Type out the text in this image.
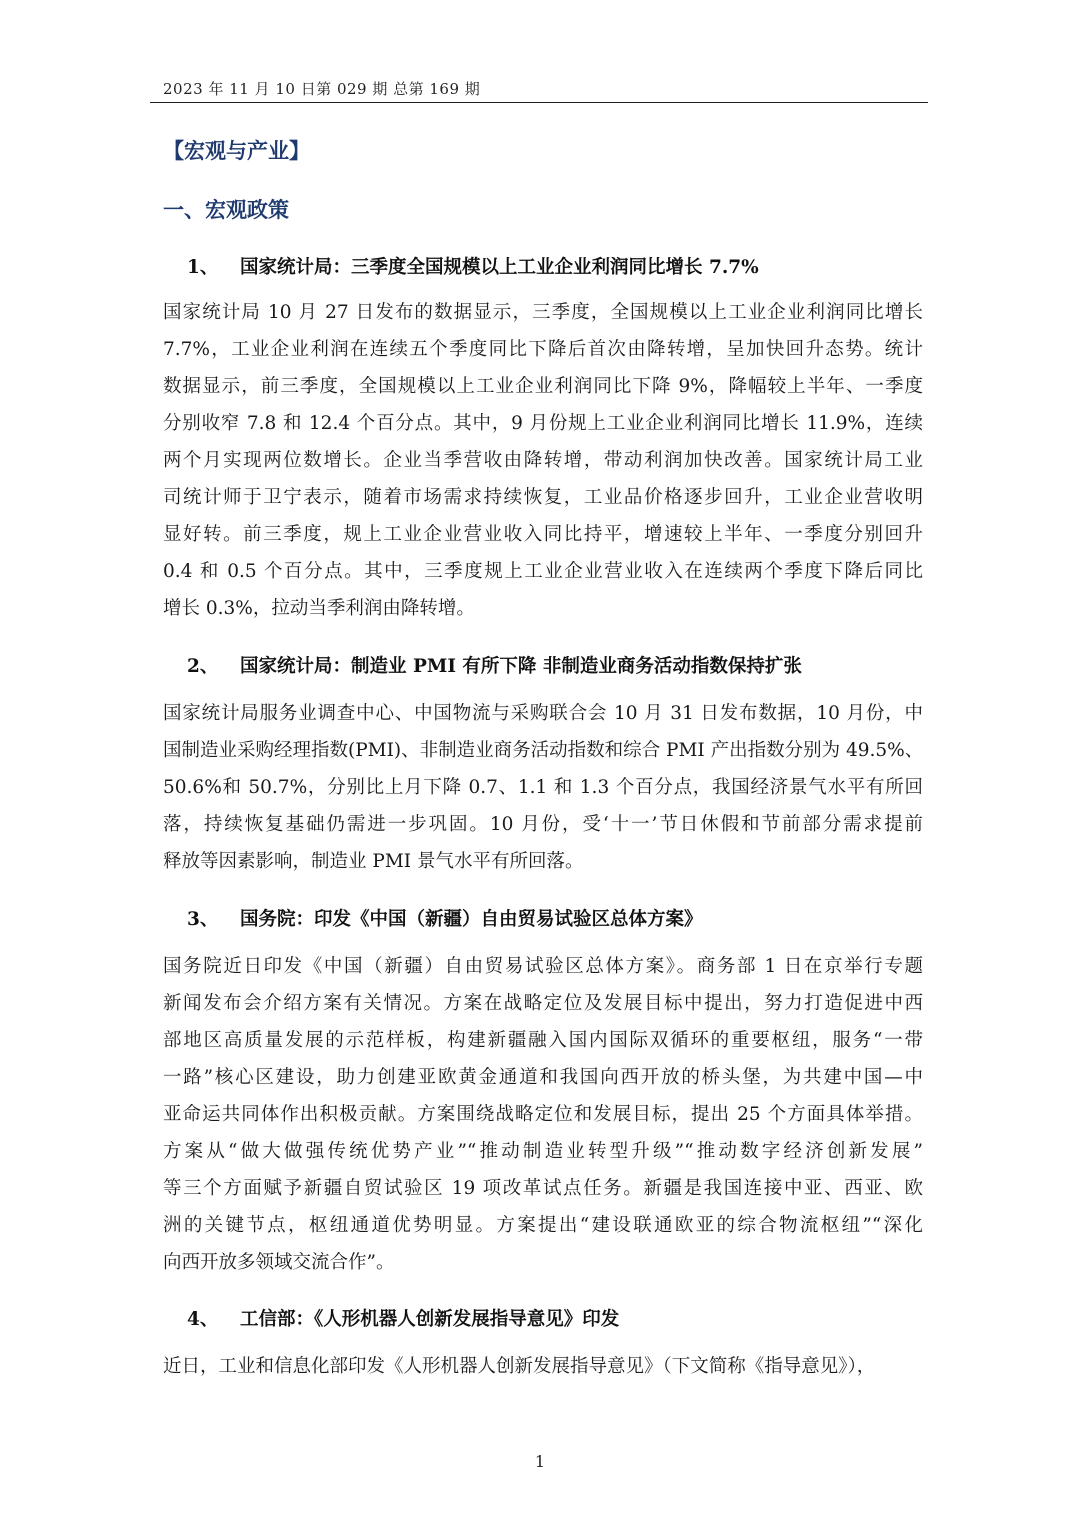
2023 年 11 月 10 日第 029 期 总第 169 期
【宏观与产业】
一、宏观政策
1、	国家统计局：三季度全国规模以上工业企业利润同比增长 7.7%
国家统计局 10 月 27 日发布的数据显示，三季度，全国规模以上工业企业利润同比增长
7.7%，工业企业利润在连续五个季度同比下降后首次由降转增，呈加快回升态势。统计
数据显示，前三季度，全国规模以上工业企业利润同比下降 9%，降幅较上半年、一季度
分别收窄 7.8 和 12.4 个百分点。其中，9 月份规上工业企业利润同比增长 11.9%，连续
两个月实现两位数增长。企业当季营收由降转增，带动利润加快改善。国家统计局工业
司统计师于卫宁表示，随着市场需求持续恢复，工业品价格逐步回升，工业企业营收明
显好转。前三季度，规上工业企业营业收入同比持平，增速较上半年、一季度分别回升
0.4 和 0.5 个百分点。其中，三季度规上工业企业营业收入在连续两个季度下降后同比
增长 0.3%，拉动当季利润由降转增。
2、	国家统计局：制造业 PMI 有所下降 非制造业商务活动指数保持扩张
国家统计局服务业调查中心、中国物流与采购联合会 10 月 31 日发布数据，10 月份，中
国制造业采购经理指数(PMI)、非制造业商务活动指数和综合 PMI 产出指数分别为 49.5%、
50.6%和 50.7%，分别比上月下降 0.7、1.1 和 1.3 个百分点，我国经济景气水平有所回
落，持续恢复基础仍需进一步巩固。10 月份，受‘十一’节日休假和节前部分需求提前
释放等因素影响，制造业 PMI 景气水平有所回落。
3、	国务院：印发《中国（新疆）自由贸易试验区总体方案》
国务院近日印发《中国（新疆）自由贸易试验区总体方案》。商务部 1 日在京举行专题
新闻发布会介绍方案有关情况。方案在战略定位及发展目标中提出，努力打造促进中西
部地区高质量发展的示范样板，构建新疆融入国内国际双循环的重要枢纽，服务“一带
一路”核心区建设，助力创建亚欧黄金通道和我国向西开放的桥头堡，为共建中国—中
亚命运共同体作出积极贡献。方案围绕战略定位和发展目标，提出 25 个方面具体举措。
方案从“做大做强传统优势产业”“推动制造业转型升级”“推动数字经济创新发展”
等三个方面赋予新疆自贸试验区 19 项改革试点任务。新疆是我国连接中亚、西亚、欧
洲的关键节点，枢纽通道优势明显。方案提出“建设联通欧亚的综合物流枢纽”“深化
向西开放多领域交流合作”。
4、	工信部：《人形机器人创新发展指导意见》印发
近日，工业和信息化部印发《人形机器人创新发展指导意见》（下文简称《指导意见》），
1
